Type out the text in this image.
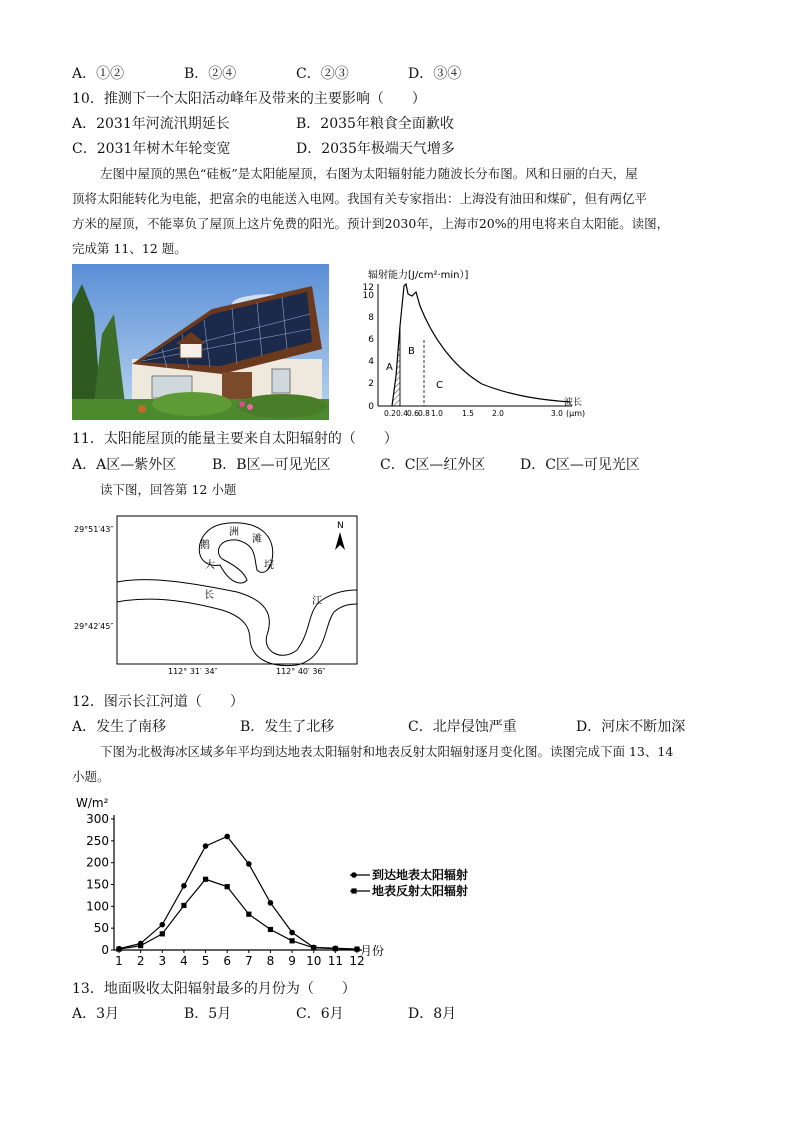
A．①②	B．②④	C．②③	D．③④
10．推测下一个太阳活动峰年及带来的主要影响（　　）
A．2031年河流汛期延长	B．2035年粮食全面歉收
C．2031年树木年轮变宽	D．2035年极端天气增多
左图中屋顶的黑色“硅板”是太阳能屋顶，右图为太阳辐射能力随波长分布图。风和日丽的白天，屋
顶将太阳能转化为电能，把富余的电能送入电网。我国有关专家指出：上海没有油田和煤矿，但有两亿平
方米的屋顶，不能辜负了屋顶上这片免费的阳光。预计到2030年，上海市20%的用电将来自太阳能。读图，
完成第 11、12 题。
辐射能力[J/cm²·min）]
0
2
4
6
8
10
12
A
B
C
0.2 0.4 0.6 0.8 1.0	1.5 2.0	3.0
波长
(μm)
11．太阳能屋顶的能量主要来自太阳辐射的（　　）
A．A区—紫外区	B．B区—可见光区	C．C区—红外区 D．C区—可见光区
读下图，回答第 12 小题
29°51′43″
29°42′45″
112° 31′ 34″	112° 40′ 36″
N
洲
滩
鹅
大	垸
长
江
12．图示长江河道（　　）
A．发生了南移	B．发生了北移	C．北岸侵蚀严重	D．河床不断加深
下图为北极海冰区域多年平均到达地表太阳辐射和地表反射太阳辐射逐月变化图。读图完成下面 13、14
小题。
W/m²
0
50
100
150
200
250
300
1 2 3 4 5 6 7 8 9 10 11 12
月份
到达地表太阳辐射
地表反射太阳辐射
13．地面吸收太阳辐射最多的月份为（　　）
A．3月	B．5月	C．6月	D．8月
